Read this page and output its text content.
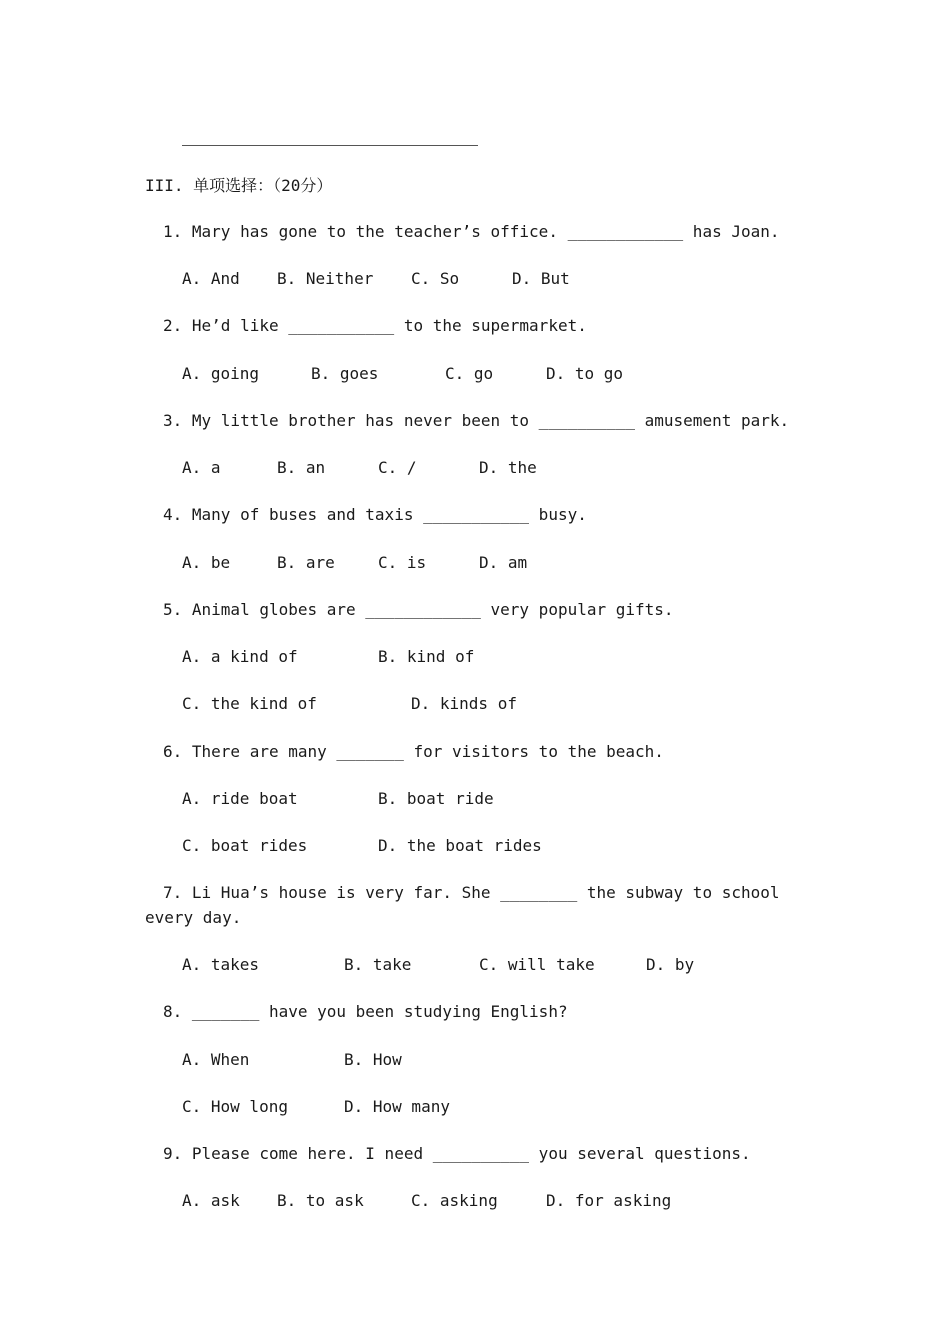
III. 单项选择：（20分）
1. Mary has gone to the teacher’s office. ____________ has Joan.
A. And B. Neither C. So	D. But
2. He’d like ___________ to the supermarket.
A. going	B. goes	C. go	D. to go
3. My little brother has never been to __________ amusement park.
A. a	B. an	C. /	D. the
4. Many of buses and taxis ___________ busy.
A. be	B. are	C. is	D. am
5. Animal globes are ____________ very popular gifts.
A. a kind of	B. kind of
C. the kind of	D. kinds of
6. There are many _______ for visitors to the beach.
A. ride boat	B. boat ride
C. boat rides	D. the boat rides
7. Li Hua’s house is very far. She ________ the subway to school
every day.
A. takes	B. take	C. will take	D. by
8. _______ have you been studying English?
A. When	B. How
C. How long	D. How many
9. Please come here. I need __________ you several questions.
A. ask B. to ask	C. asking	D. for asking
